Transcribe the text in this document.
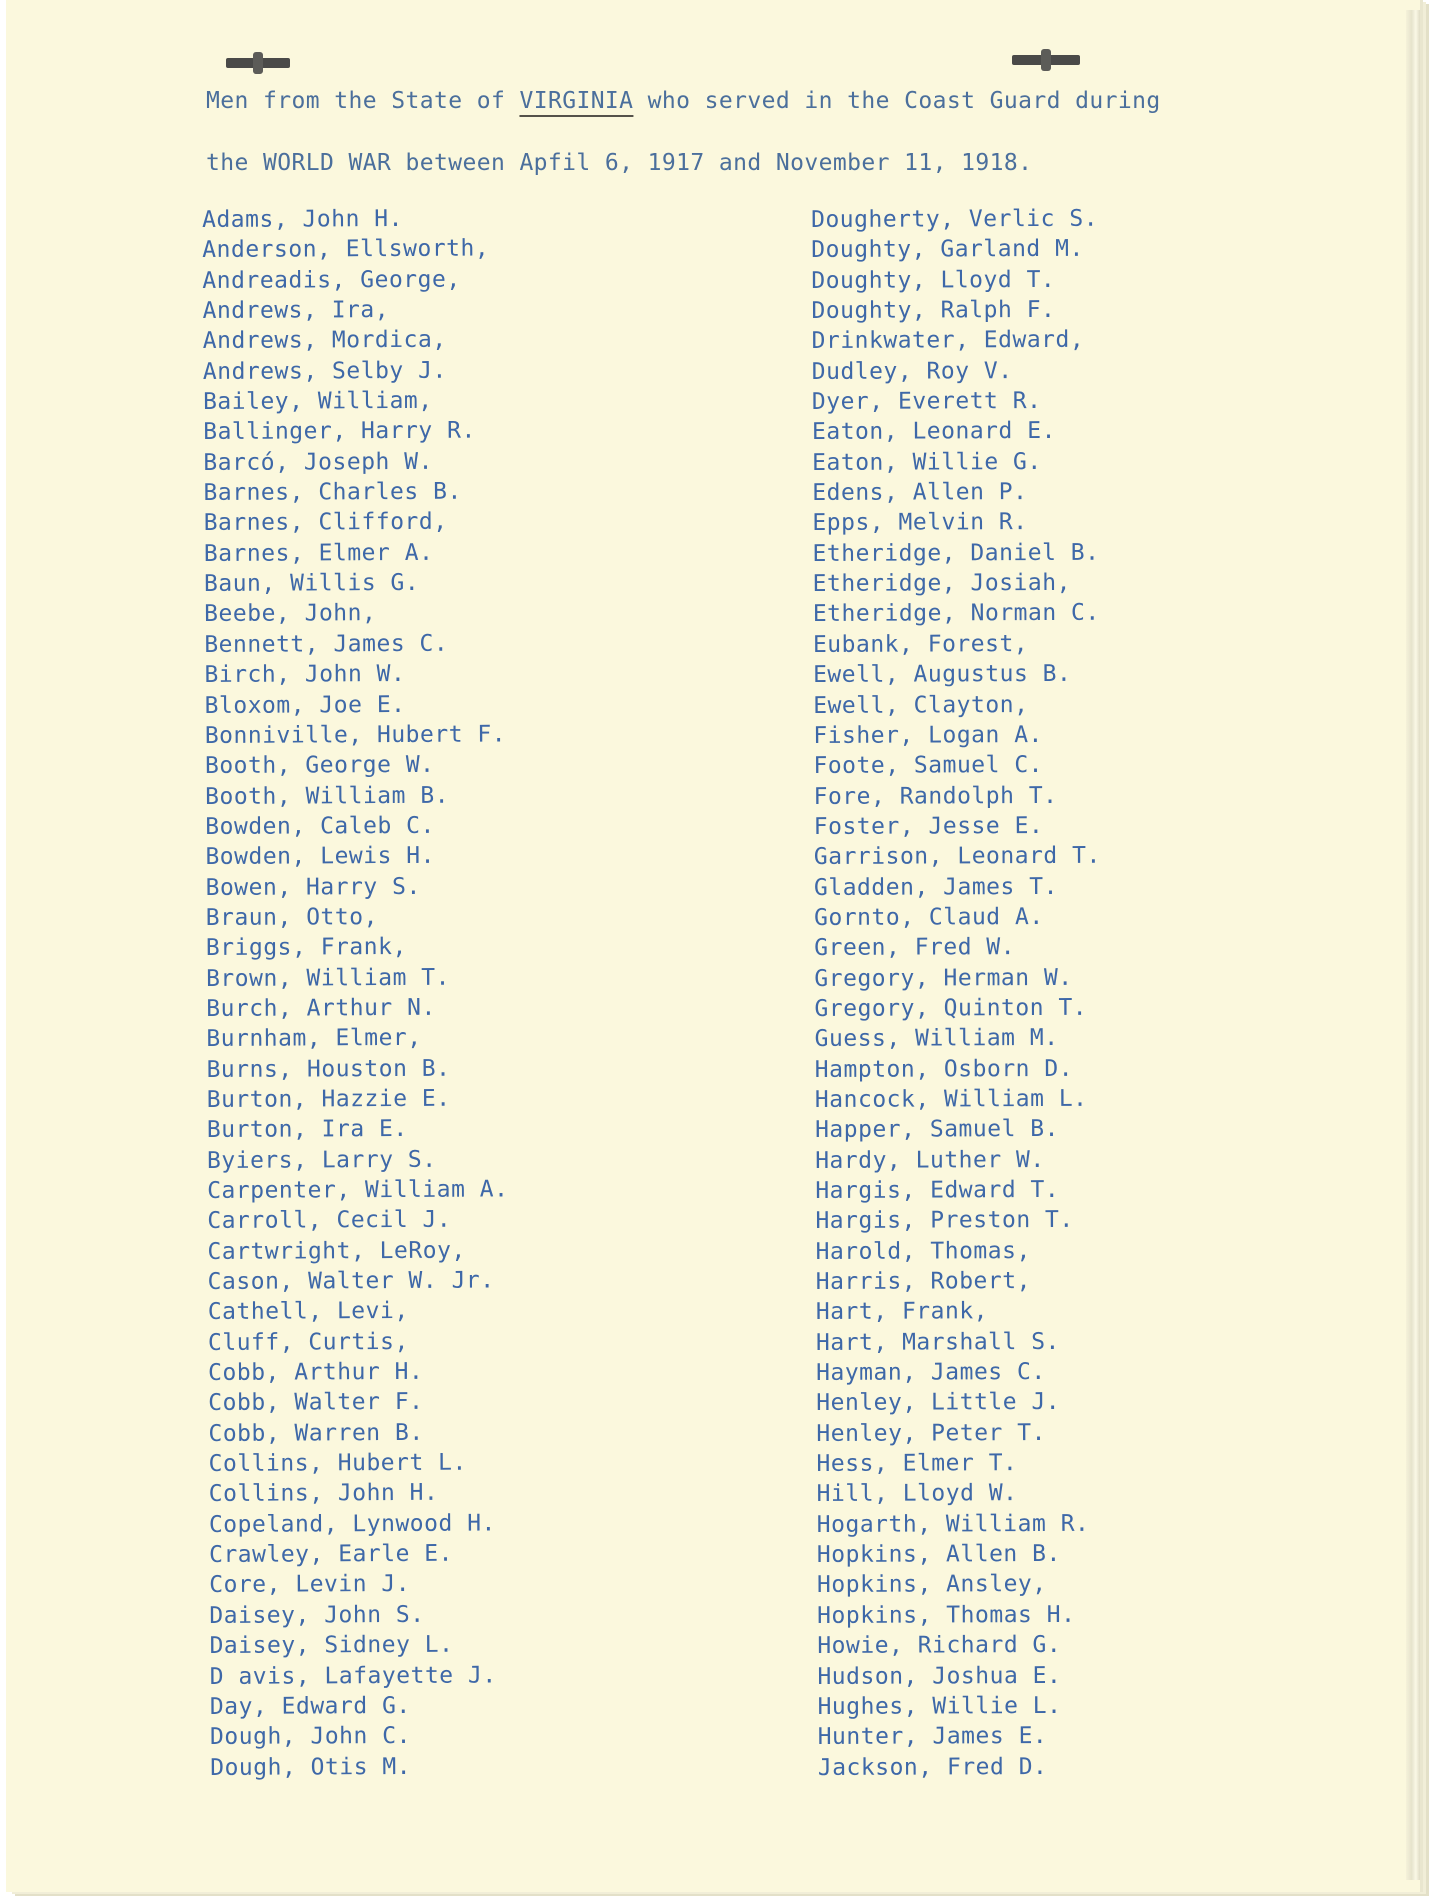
Men from the State of VIRGINIA who served in the Coast Guard during
the WORLD WAR between Apfil 6, 1917 and November 11, 1918.
Adams, John H.
Anderson, Ellsworth,
Andreadis, George,
Andrews, Ira,
Andrews, Mordica,
Andrews, Selby J.
Bailey, William,
Ballinger, Harry R.
Barcó, Joseph W.
Barnes, Charles B.
Barnes, Clifford,
Barnes, Elmer A.
Baun, Willis G.
Beebe, John,
Bennett, James C.
Birch, John W.
Bloxom, Joe E.
Bonniville, Hubert F.
Booth, George W.
Booth, William B.
Bowden, Caleb C.
Bowden, Lewis H.
Bowen, Harry S.
Braun, Otto,
Briggs, Frank,
Brown, William T.
Burch, Arthur N.
Burnham, Elmer,
Burns, Houston B.
Burton, Hazzie E.
Burton, Ira E.
Byiers, Larry S.
Carpenter, William A.
Carroll, Cecil J.
Cartwright, LeRoy,
Cason, Walter W. Jr.
Cathell, Levi,
Cluff, Curtis,
Cobb, Arthur H.
Cobb, Walter F.
Cobb, Warren B.
Collins, Hubert L.
Collins, John H.
Copeland, Lynwood H.
Crawley, Earle E.
Core, Levin J.
Daisey, John S.
Daisey, Sidney L.
D avis, Lafayette J.
Day, Edward G.
Dough, John C.
Dough, Otis M.
Dougherty, Verlic S.
Doughty, Garland M.
Doughty, Lloyd T.
Doughty, Ralph F.
Drinkwater, Edward,
Dudley, Roy V.
Dyer, Everett R.
Eaton, Leonard E.
Eaton, Willie G.
Edens, Allen P.
Epps, Melvin R.
Etheridge, Daniel B.
Etheridge, Josiah,
Etheridge, Norman C.
Eubank, Forest,
Ewell, Augustus B.
Ewell, Clayton,
Fisher, Logan A.
Foote, Samuel C.
Fore, Randolph T.
Foster, Jesse E.
Garrison, Leonard T.
Gladden, James T.
Gornto, Claud A.
Green, Fred W.
Gregory, Herman W.
Gregory, Quinton T.
Guess, William M.
Hampton, Osborn D.
Hancock, William L.
Happer, Samuel B.
Hardy, Luther W.
Hargis, Edward T.
Hargis, Preston T.
Harold, Thomas,
Harris, Robert,
Hart, Frank,
Hart, Marshall S.
Hayman, James C.
Henley, Little J.
Henley, Peter T.
Hess, Elmer T.
Hill, Lloyd W.
Hogarth, William R.
Hopkins, Allen B.
Hopkins, Ansley,
Hopkins, Thomas H.
Howie, Richard G.
Hudson, Joshua E.
Hughes, Willie L.
Hunter, James E.
Jackson, Fred D.
